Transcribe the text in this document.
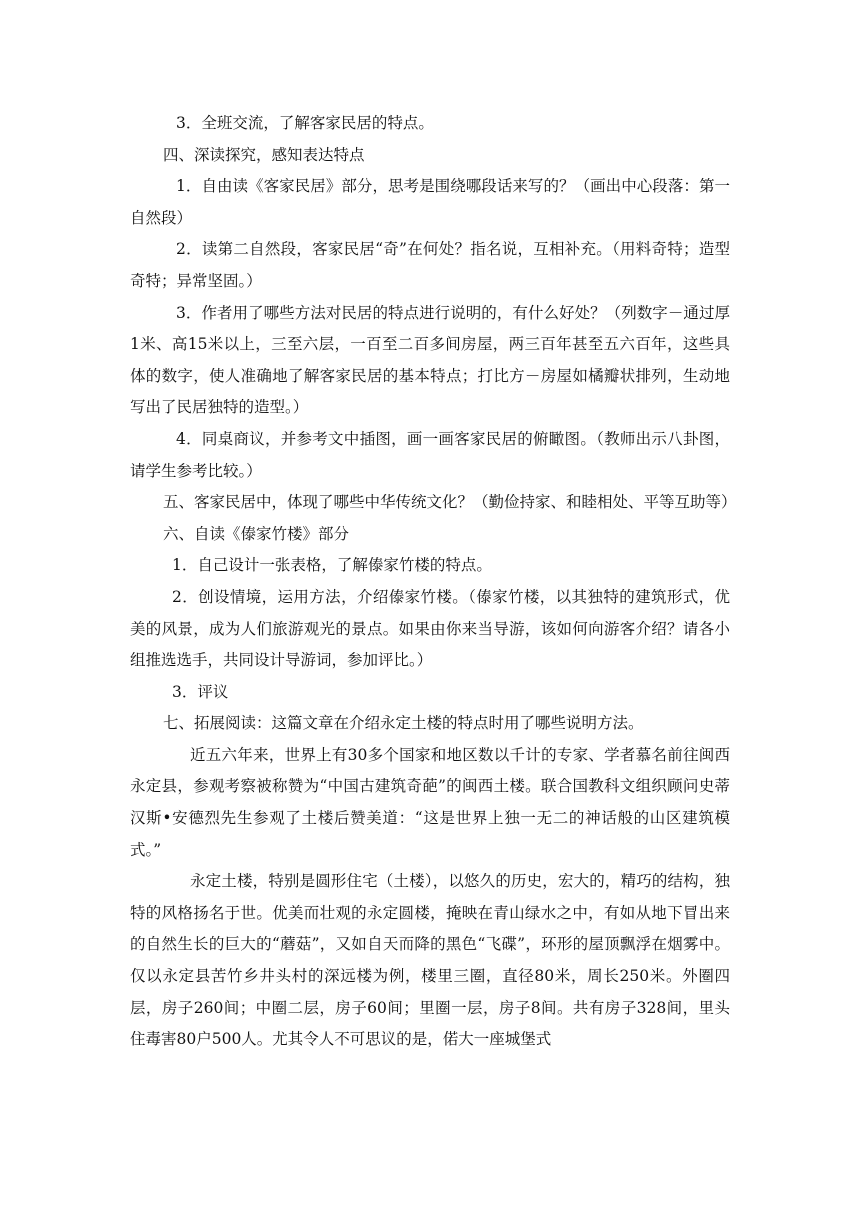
3．全班交流，了解客家民居的特点。

四、深读探究，感知表达特点

1．自由读《客家民居》部分，思考是围绕哪段话来写的？（画出中心段落：第一自然段）

2．读第二自然段，客家民居“奇”在何处？指名说，互相补充。（用料奇特；造型奇特；异常坚固。）

3．作者用了哪些方法对民居的特点进行说明的，有什么好处？（列数字－通过厚1米、高15米以上，三至六层，一百至二百多间房屋，两三百年甚至五六百年，这些具体的数字，使人准确地了解客家民居的基本特点；打比方－房屋如橘瓣状排列，生动地写出了民居独特的造型。）

4．同桌商议，并参考文中插图，画一画客家民居的俯瞰图。（教师出示八卦图，请学生参考比较。）

五、客家民居中，体现了哪些中华传统文化？（勤俭持家、和睦相处、平等互助等）

六、自读《傣家竹楼》部分

1．自己设计一张表格，了解傣家竹楼的特点。

2．创设情境，运用方法，介绍傣家竹楼。（傣家竹楼，以其独特的建筑形式，优美的风景，成为人们旅游观光的景点。如果由你来当导游，该如何向游客介绍？请各小组推选选手，共同设计导游词，参加评比。）

3．评议

七、拓展阅读：这篇文章在介绍永定土楼的特点时用了哪些说明方法。

近五六年来，世界上有30多个国家和地区数以千计的专家、学者慕名前往闽西永定县，参观考察被称赞为“中国古建筑奇葩”的闽西土楼。联合国教科文组织顾问史蒂汉斯•安德烈先生参观了土楼后赞美道：“这是世界上独一无二的神话般的山区建筑模式。”

永定土楼，特别是圆形住宅（土楼），以悠久的历史，宏大的，精巧的结构，独特的风格扬名于世。优美而壮观的永定圆楼，掩映在青山绿水之中，有如从地下冒出来的自然生长的巨大的“蘑菇”，又如自天而降的黑色“飞碟”，环形的屋顶飘浮在烟雾中。              仅以永定县苦竹乡井头村的深远楼为例，楼里三圈，直径80米，周长250米。外圈四层，房子260间；中圈二层，房子60间；里圈一层，房子8间。共有房子328间，里头住毒害80户500人。尤其令人不可思议的是，偌大一座城堡式
